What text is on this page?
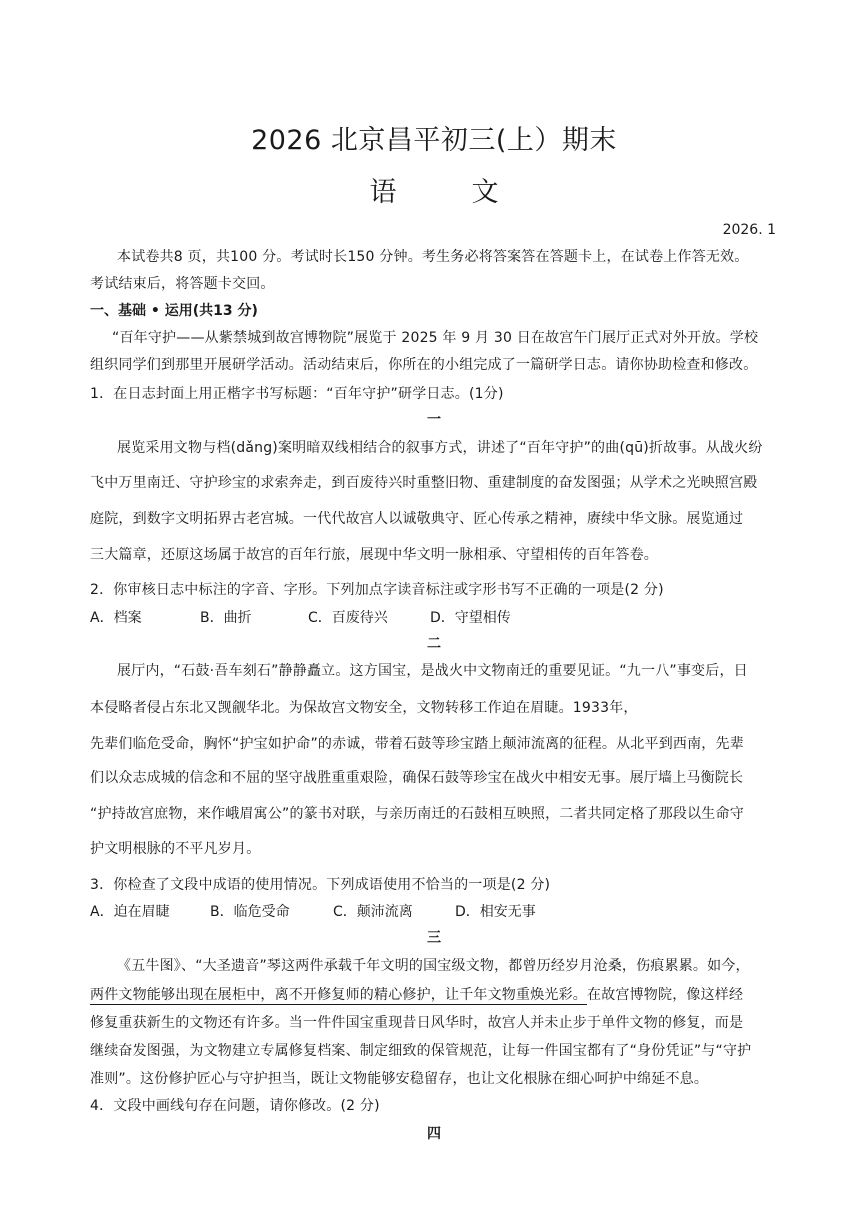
2026 北京昌平初三(上）期末
语　文
2026. 1
本试卷共8 页，共100 分。考试时长150 分钟。考生务必将答案答在答题卡上，在试卷上作答无效。
考试结束后，将答题卡交回。
一、基础 • 运用(共13 分)
“百年守护——从紫禁城到故宫博物院”展览于 2025 年 9 月 30 日在故宫午门展厅正式对外开放。学校
组织同学们到那里开展研学活动。活动结束后，你所在的小组完成了一篇研学日志。请你协助检查和修改。
1．在日志封面上用正楷字书写标题：“百年守护”研学日志。(1分)
一
展览采用文物与档(dǎng)案明暗双线相结合的叙事方式，讲述了“百年守护”的曲(qū)折故事。从战火纷
飞中万里南迁、守护珍宝的求索奔走，到百废待兴时重整旧物、重建制度的奋发图强；从学术之光映照宫殿
庭院，到数字文明拓界古老宫城。一代代故宫人以诚敬典守、匠心传承之精神，赓续中华文脉。展览通过
三大篇章，还原这场属于故宫的百年行旅，展现中华文明一脉相承、守望相传的百年答卷。
2．你审核日志中标注的字音、字形。下列加点字读音标注或字形书写不正确的一项是(2 分)
A．档案	B．曲折	C．百废待兴	D．守望相传
二
展厅内，“石鼓·吾车刻石”静静矗立。这方国宝，是战火中文物南迁的重要见证。“九一八”事变后，日
本侵略者侵占东北又觊觎华北。为保故宫文物安全，文物转移工作迫在眉睫。1933年，
先辈们临危受命，胸怀“护宝如护命”的赤诚，带着石鼓等珍宝踏上颠沛流离的征程。从北平到西南，先辈
们以众志成城的信念和不屈的坚守战胜重重艰险，确保石鼓等珍宝在战火中相安无事。展厅墙上马衡院长
“护持故宫庶物，来作峨眉寓公”的篆书对联，与亲历南迁的石鼓相互映照，二者共同定格了那段以生命守
护文明根脉的不平凡岁月。
3．你检查了文段中成语的使用情况。下列成语使用不恰当的一项是(2 分)
A．迫在眉睫	B．临危受命	C．颠沛流离	D．相安无事
三
《五牛图》、“大圣遗音”琴这两件承载千年文明的国宝级文物，都曾历经岁月沧桑，伤痕累累。如今，
两件文物能够出现在展柜中，离不开修复师的精心修护，让千年文物重焕光彩。在故宫博物院，像这样经
修复重获新生的文物还有许多。当一件件国宝重现昔日风华时，故宫人并未止步于单件文物的修复，而是
继续奋发图强，为文物建立专属修复档案、制定细致的保管规范，让每一件国宝都有了“身份凭证”与“守护
准则”。这份修护匠心与守护担当，既让文物能够安稳留存，也让文化根脉在细心呵护中绵延不息。
4．文段中画线句存在问题，请你修改。(2 分)
四
